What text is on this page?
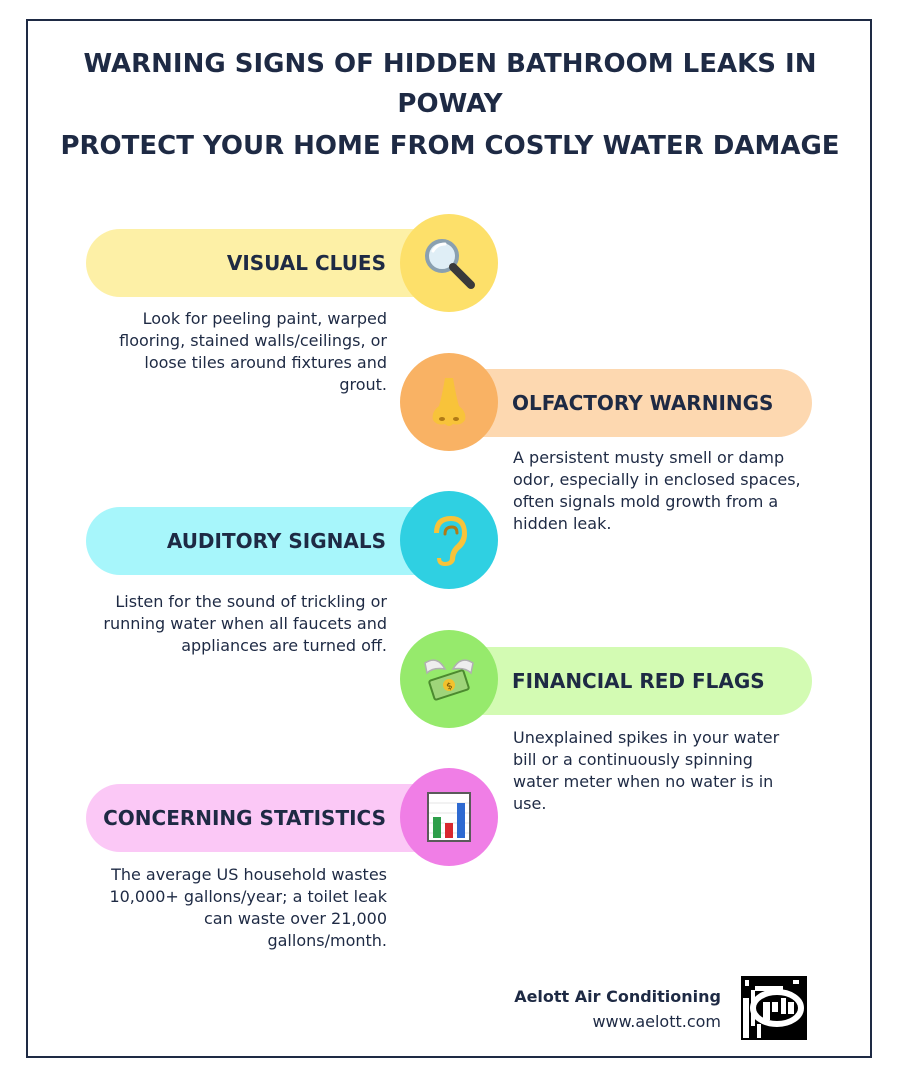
WARNING SIGNS OF HIDDEN BATHROOM LEAKS IN POWAY
PROTECT YOUR HOME FROM COSTLY WATER DAMAGE
VISUAL CLUES

Look for peeling paint, warped flooring, stained walls/ceilings, or loose tiles around fixtures and grout.

OLFACTORY WARNINGS

A persistent musty smell or damp odor, especially in enclosed spaces, often signals mold growth from a hidden leak.

AUDITORY SIGNALS

Listen for the sound of trickling or running water when all faucets and appliances are turned off.

FINANCIAL RED FLAGS
$

Unexplained spikes in your water bill or a continuously spinning water meter when no water is in use.

CONCERNING STATISTICS

The average US household wastes 10,000+ gallons/year; a toilet leak can waste over 21,000 gallons/month.

Aelott Air Conditioning
www.aelott.com
